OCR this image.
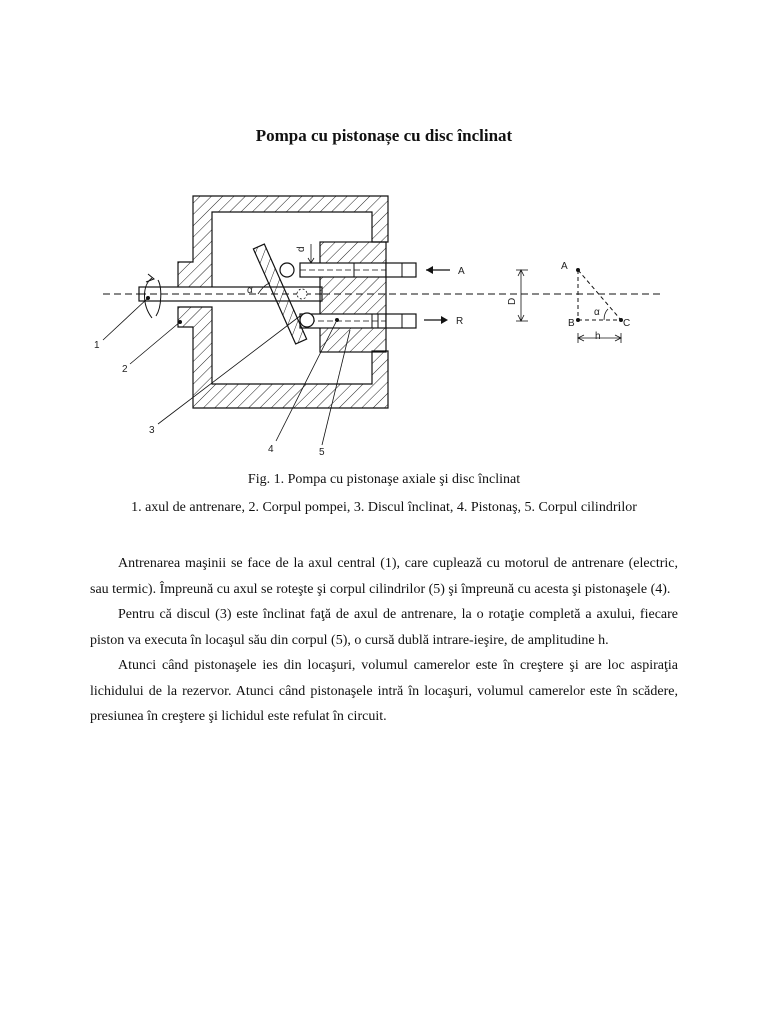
Pompa cu pistonașe cu disc înclinat
α
d
A
R
D
A
B	C
α
h
1
2
3
4	5
Fig. 1. Pompa cu pistonaşe axiale şi disc înclinat
1. axul de antrenare, 2. Corpul pompei, 3. Discul înclinat, 4. Pistonaş, 5. Corpul cilindrilor

Antrenarea maşinii se face de la axul central (1), care cuplează cu motorul de antrenare (electric, sau termic). Împreună cu axul se roteşte şi corpul cilindrilor (5) şi împreună cu acesta şi pistonaşele (4).

Pentru că discul (3) este înclinat faţă de axul de antrenare, la o rotaţie completă a axului, fiecare piston va executa în locaşul său din corpul (5), o cursă dublă intrare-ieşire, de amplitudine h.

Atunci când pistonaşele ies din locaşuri, volumul camerelor este în creştere şi are loc aspiraţia lichidului de la rezervor. Atunci când pistonaşele intră în locaşuri, volumul camerelor este în scădere, presiunea în creştere şi lichidul este refulat în circuit.
